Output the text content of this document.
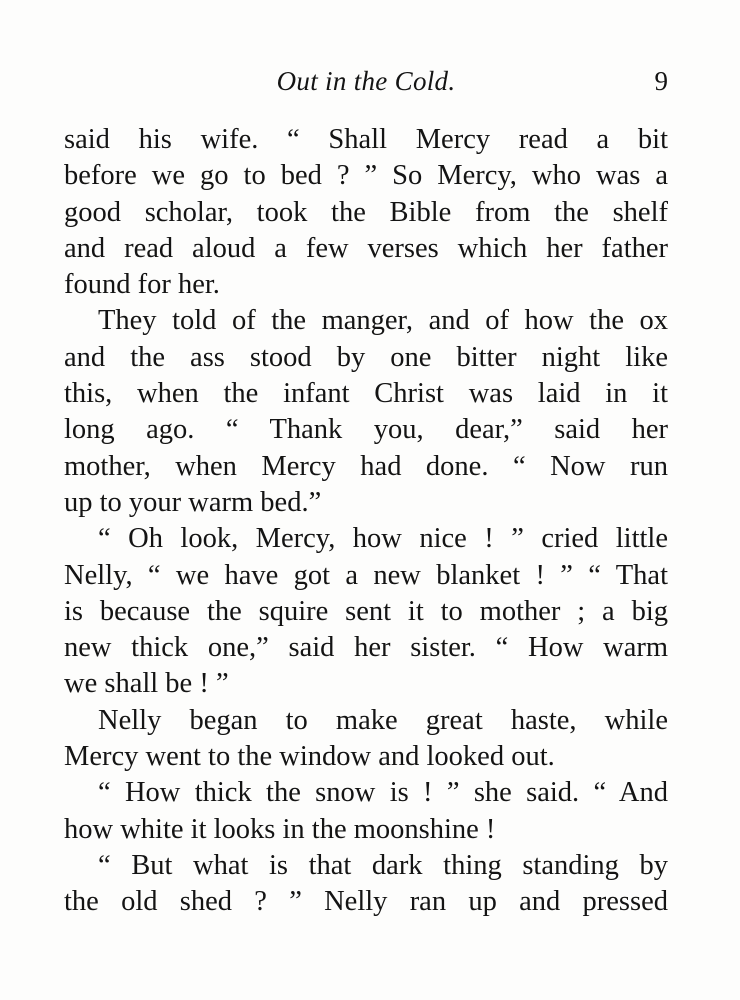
Out in the Cold.	9
said his wife. “ Shall Mercy read a bit
before we go to bed ? ” So Mercy, who was a
good scholar, took the Bible from the shelf
and read aloud a few verses which her father
found for her.
They told of the manger, and of how the ox
and the ass stood by one bitter night like
this, when the infant Christ was laid in it
long ago. “ Thank you, dear,” said her
mother, when Mercy had done. “ Now run
up to your warm bed.”
“ Oh look, Mercy, how nice ! ” cried little
Nelly, “ we have got a new blanket ! ” “ That
is because the squire sent it to mother ; a big
new thick one,” said her sister. “ How warm
we shall be ! ”
Nelly began to make great haste, while
Mercy went to the window and looked out.
“ How thick the snow is ! ” she said. “ And
how white it looks in the moonshine !
“ But what is that dark thing standing by
the old shed ? ” Nelly ran up and pressed
